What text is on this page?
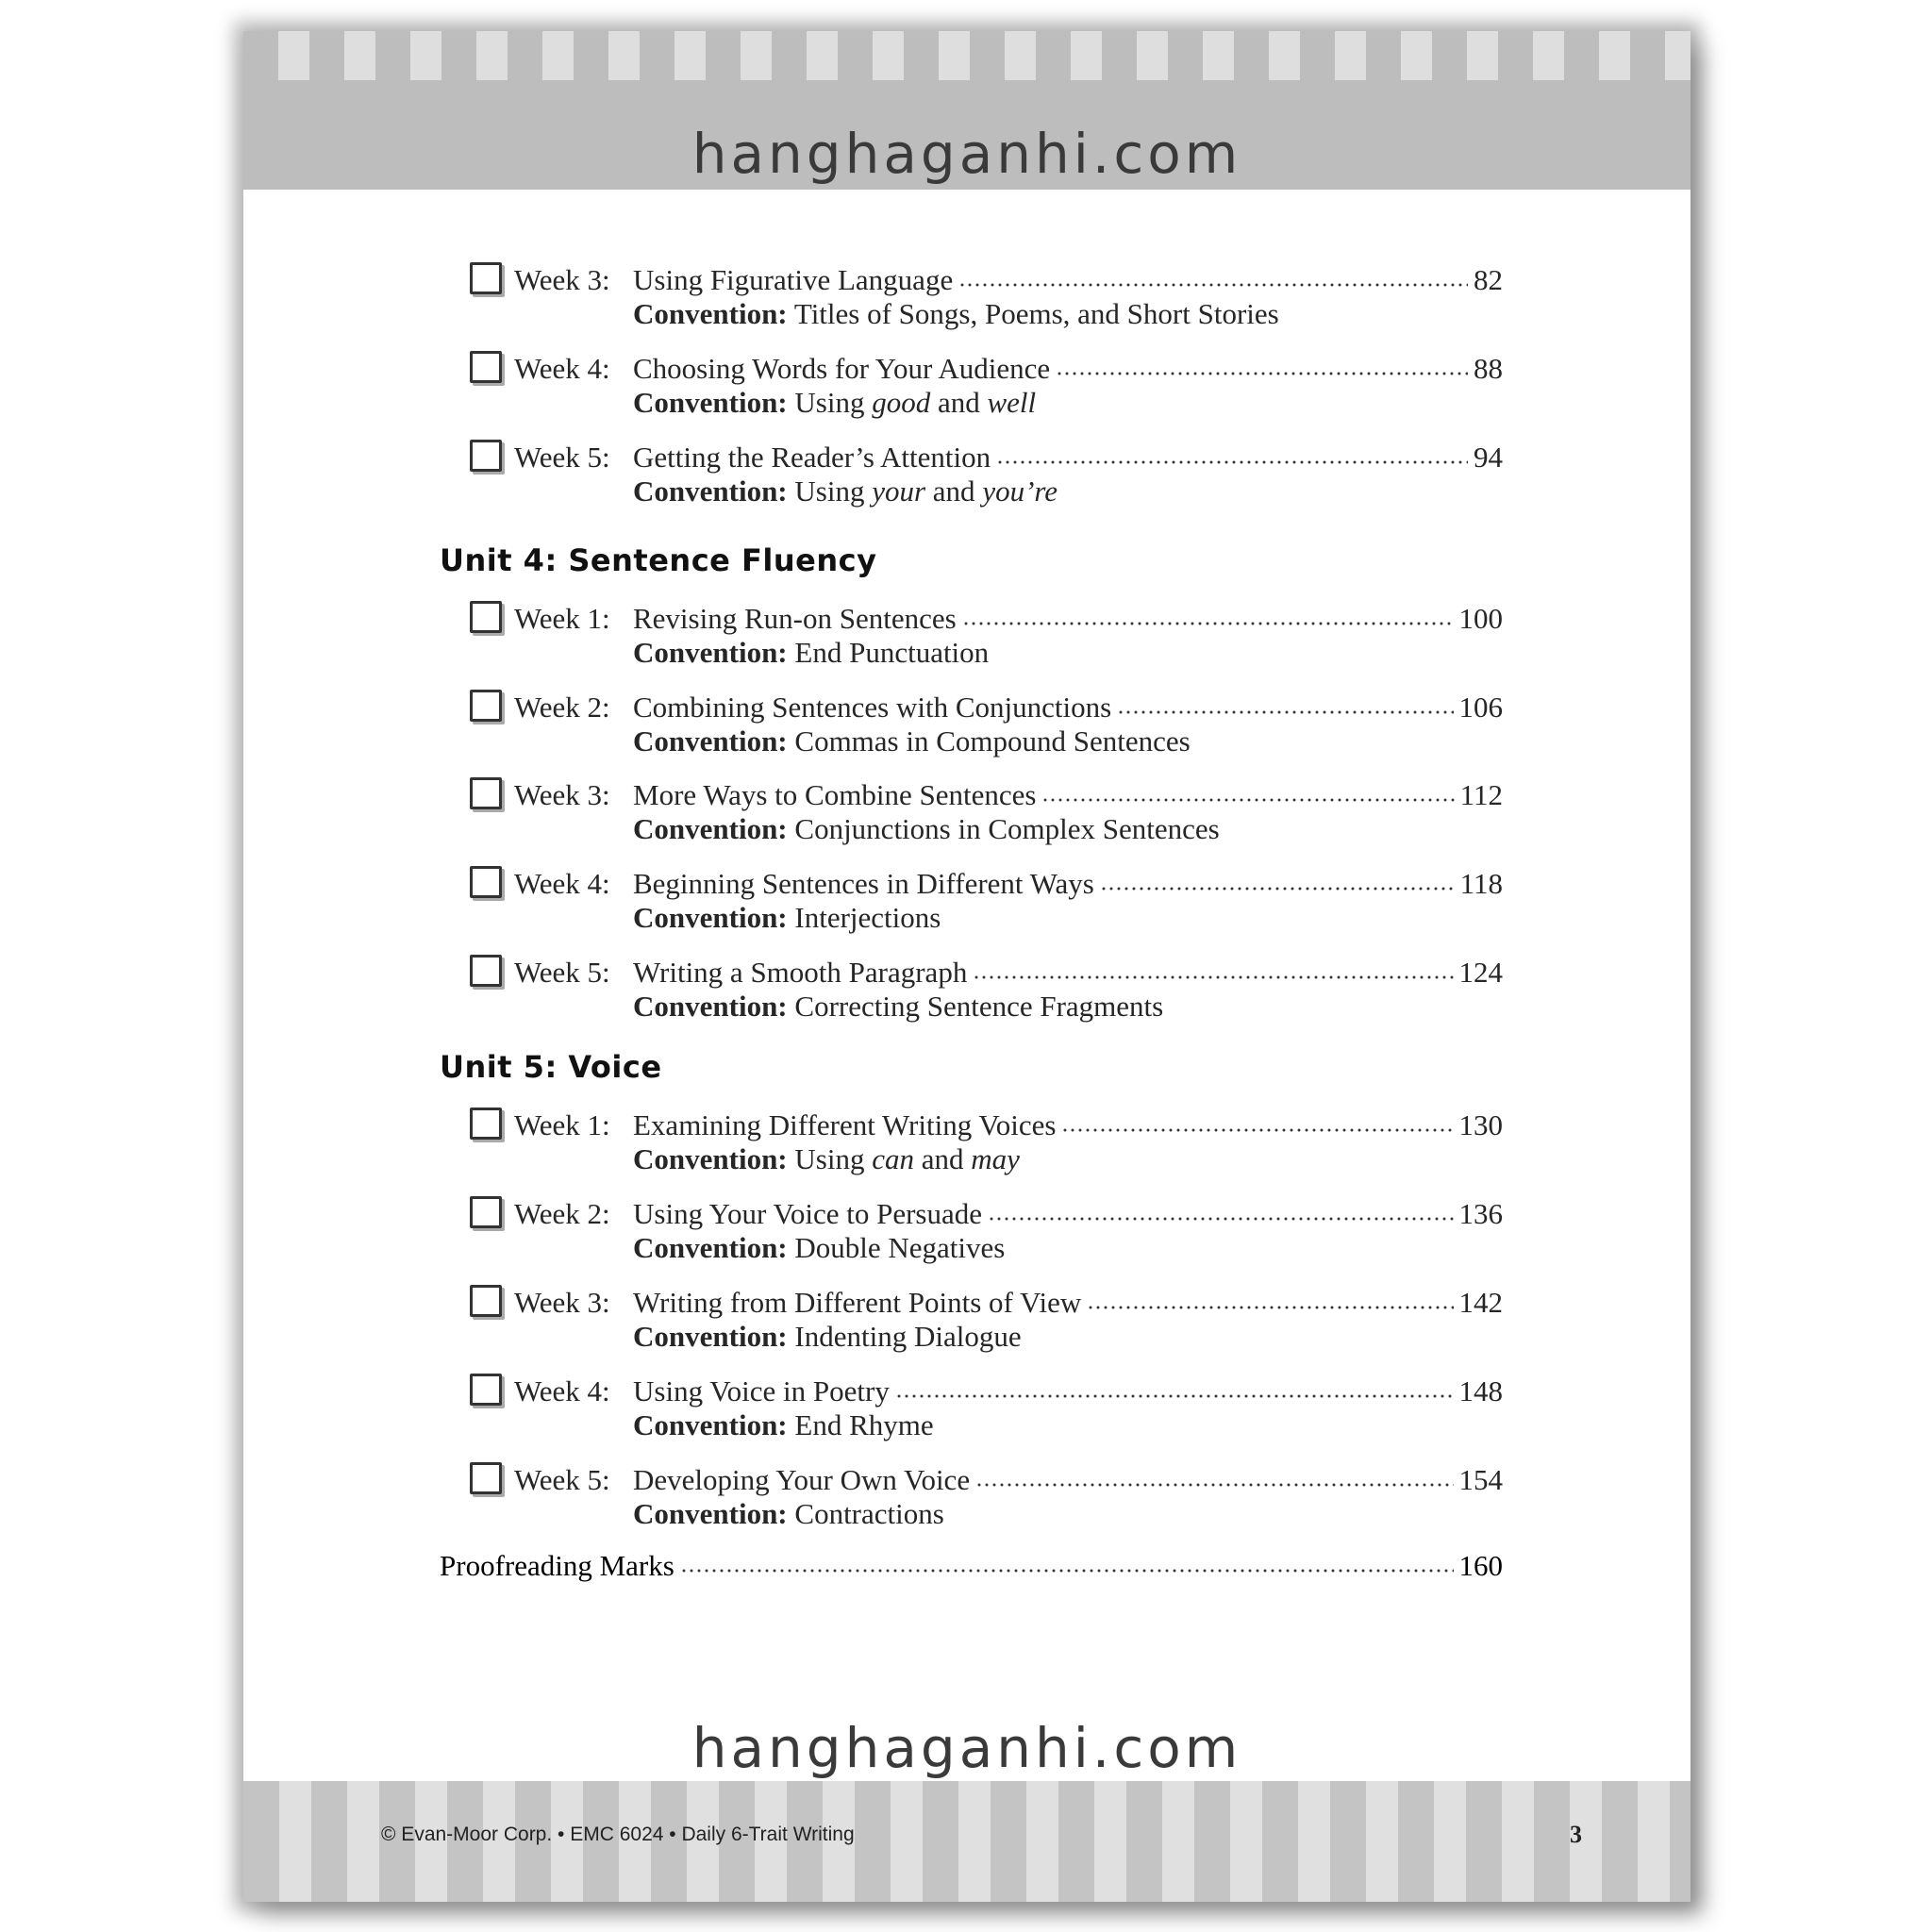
hanghaganhi.com
Week 3: Using Figurative Language	82
Convention: Titles of Songs, Poems, and Short Stories
Week 4: Choosing Words for Your Audience	88
Convention: Using good and well
Week 5: Getting the Reader’s Attention	94
Convention: Using your and you’re
Unit 4: Sentence Fluency
Week 1: Revising Run-on Sentences	100
Convention: End Punctuation
Week 2: Combining Sentences with Conjunctions	106
Convention: Commas in Compound Sentences
Week 3: More Ways to Combine Sentences	112
Convention: Conjunctions in Complex Sentences
Week 4: Beginning Sentences in Different Ways	118
Convention: Interjections
Week 5: Writing a Smooth Paragraph	124
Convention: Correcting Sentence Fragments
Unit 5: Voice
Week 1: Examining Different Writing Voices	130
Convention: Using can and may
Week 2: Using Your Voice to Persuade	136
Convention: Double Negatives
Week 3: Writing from Different Points of View	142
Convention: Indenting Dialogue
Week 4: Using Voice in Poetry	148
Convention: End Rhyme
Week 5: Developing Your Own Voice	154
Convention: Contractions
Proofreading Marks	160
hanghaganhi.com
© Evan-Moor Corp. • EMC 6024 • Daily 6-Trait Writing	3
